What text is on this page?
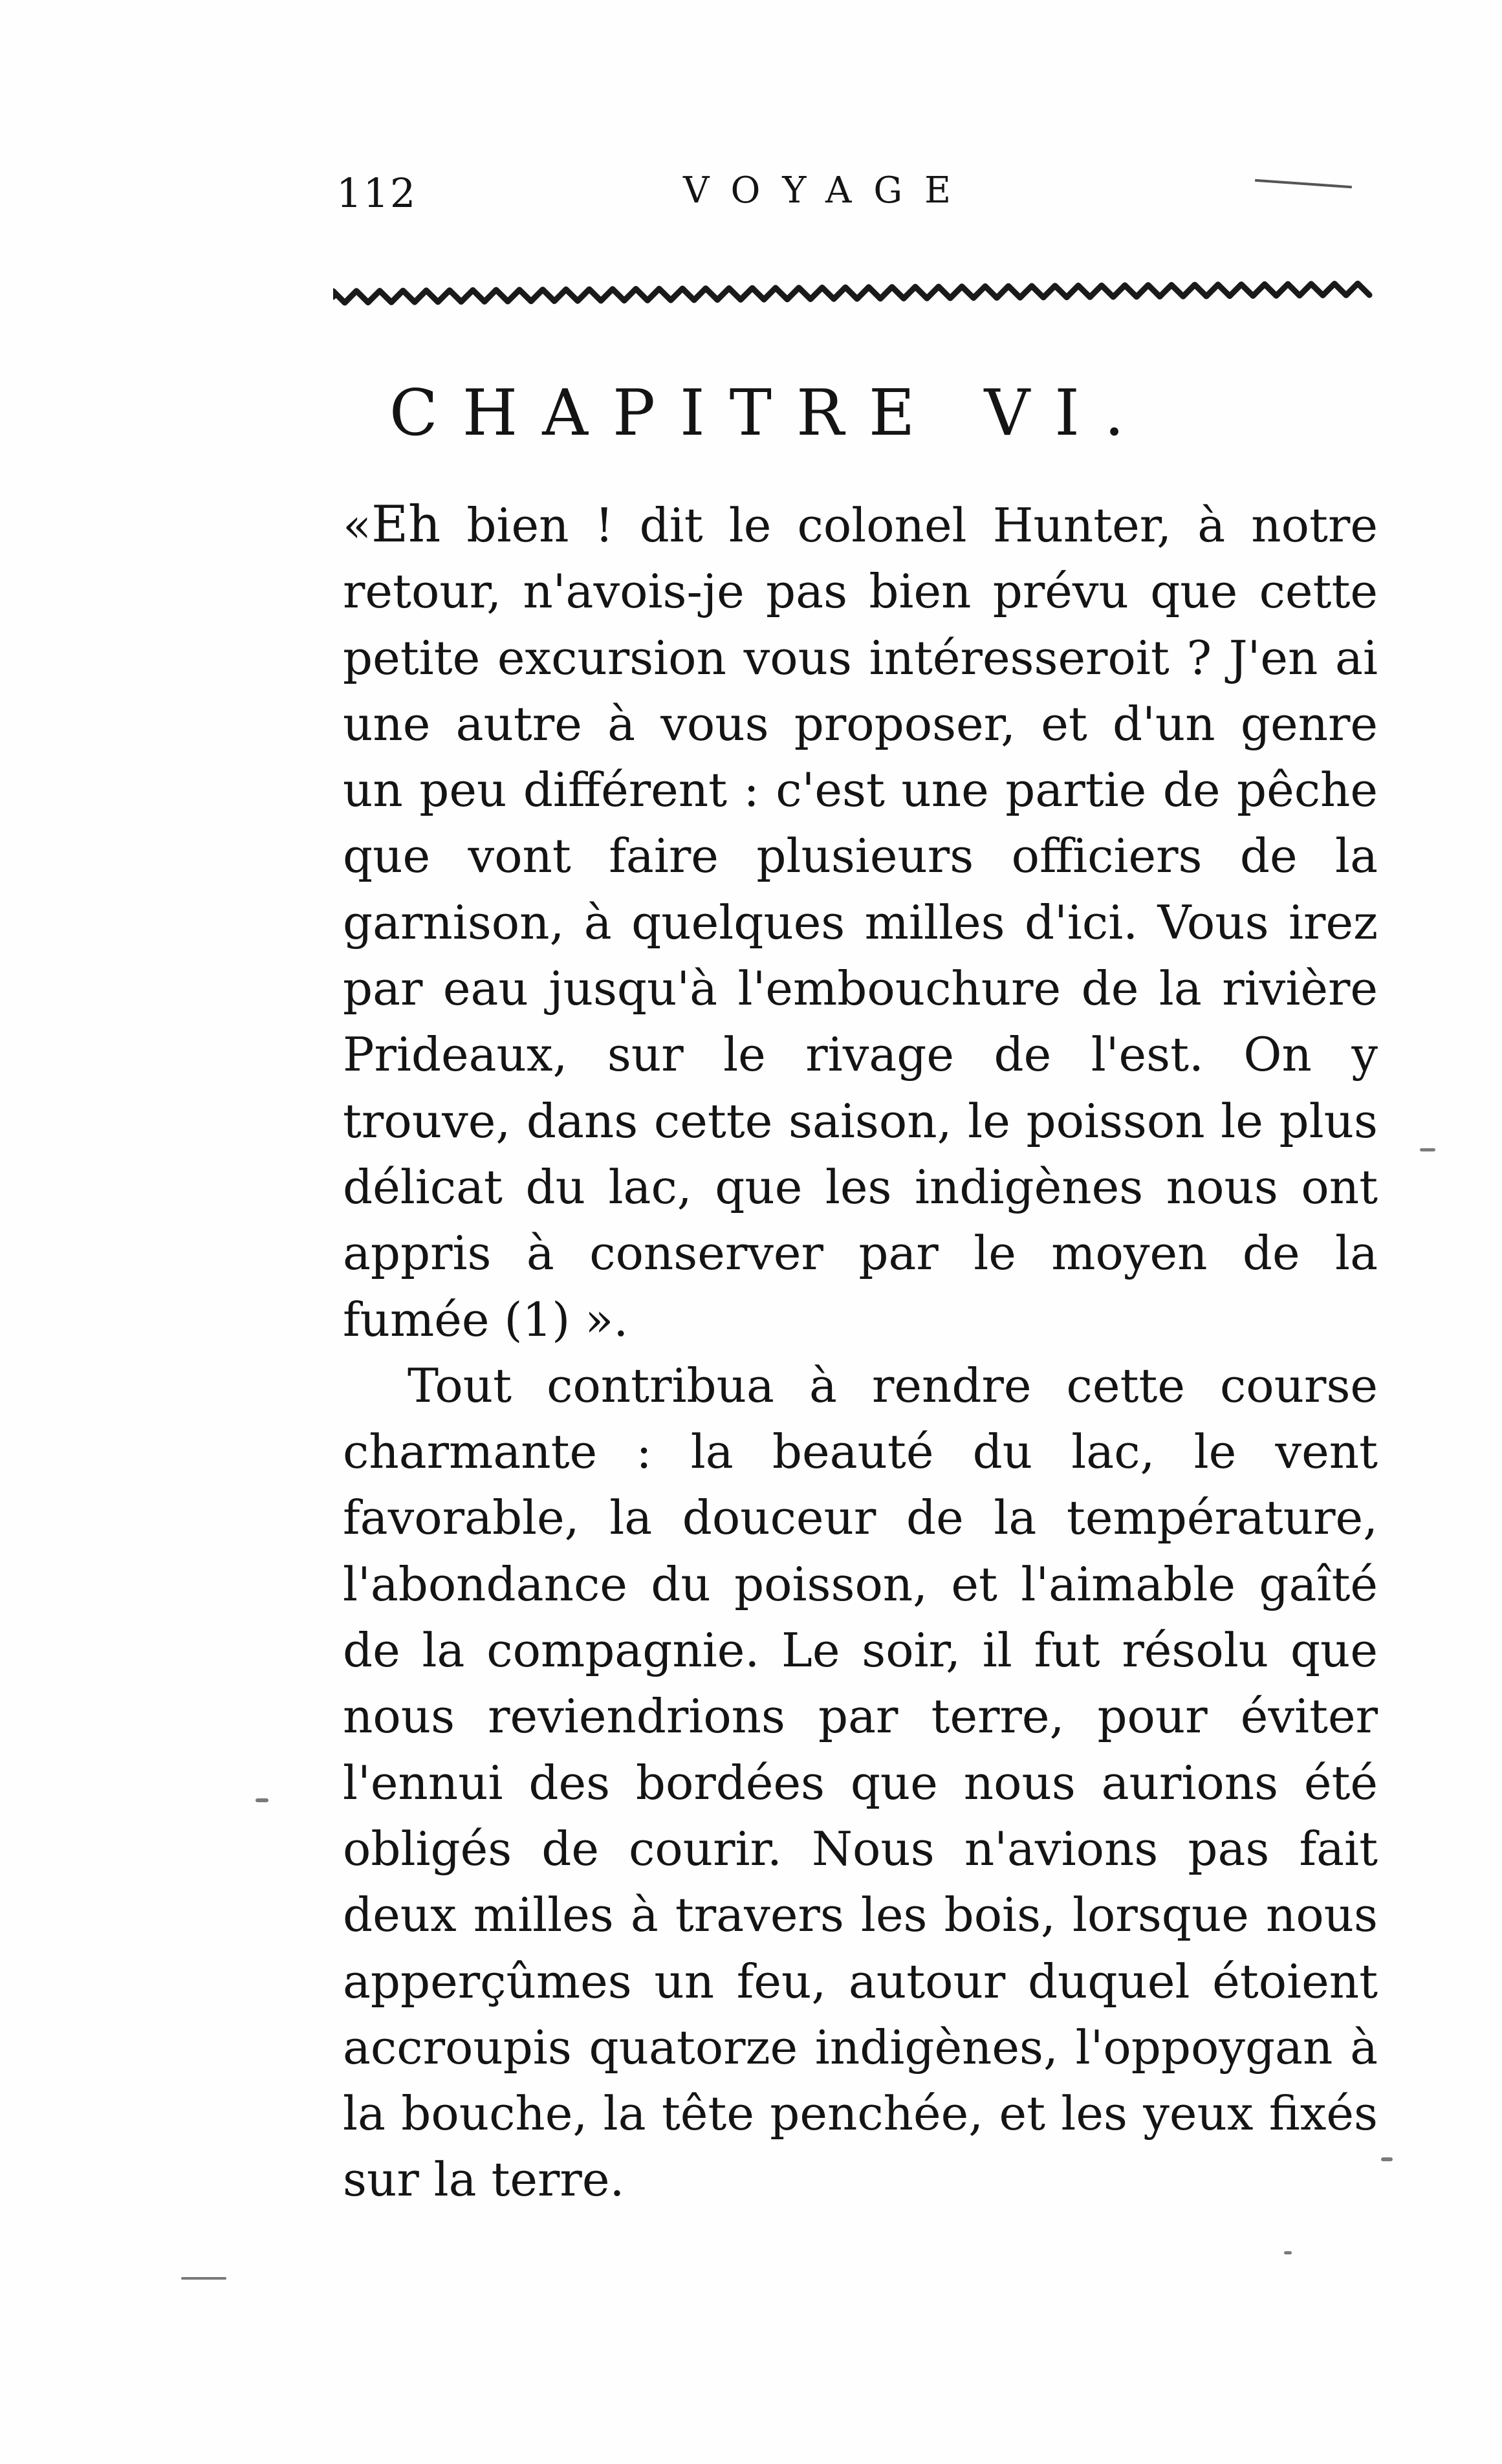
112	VOYAGE
CHAPITRE VI.

«Eh bien ! dit le colonel Hunter, à notre retour, n'avois-je pas bien prévu que cette petite excursion vous intéresseroit ? J'en ai une autre à vous proposer, et d'un genre un peu différent : c'est une partie de pêche que vont faire plusieurs officiers de la garnison, à quelques milles d'ici. Vous irez par eau jusqu'à l'embouchure de la rivière Prideaux, sur le rivage de l'est. On y trouve, dans cette saison, le poisson le plus délicat du lac, que les indigènes nous ont appris à conserver par le moyen de la fumée (1) ».

Tout contribua à rendre cette course charmante : la beauté du lac, le vent favorable, la douceur de la température, l'abondance du poisson, et l'aimable gaîté de la compagnie. Le soir, il fut résolu que nous reviendrions par terre, pour éviter l'ennui des bordées que nous aurions été obligés de courir. Nous n'avions pas fait deux milles à travers les bois, lorsque nous apperçûmes un feu, autour duquel étoient accroupis quatorze indigènes, l'oppoygan à la bouche, la tête penchée, et les yeux fixés sur la terre.
